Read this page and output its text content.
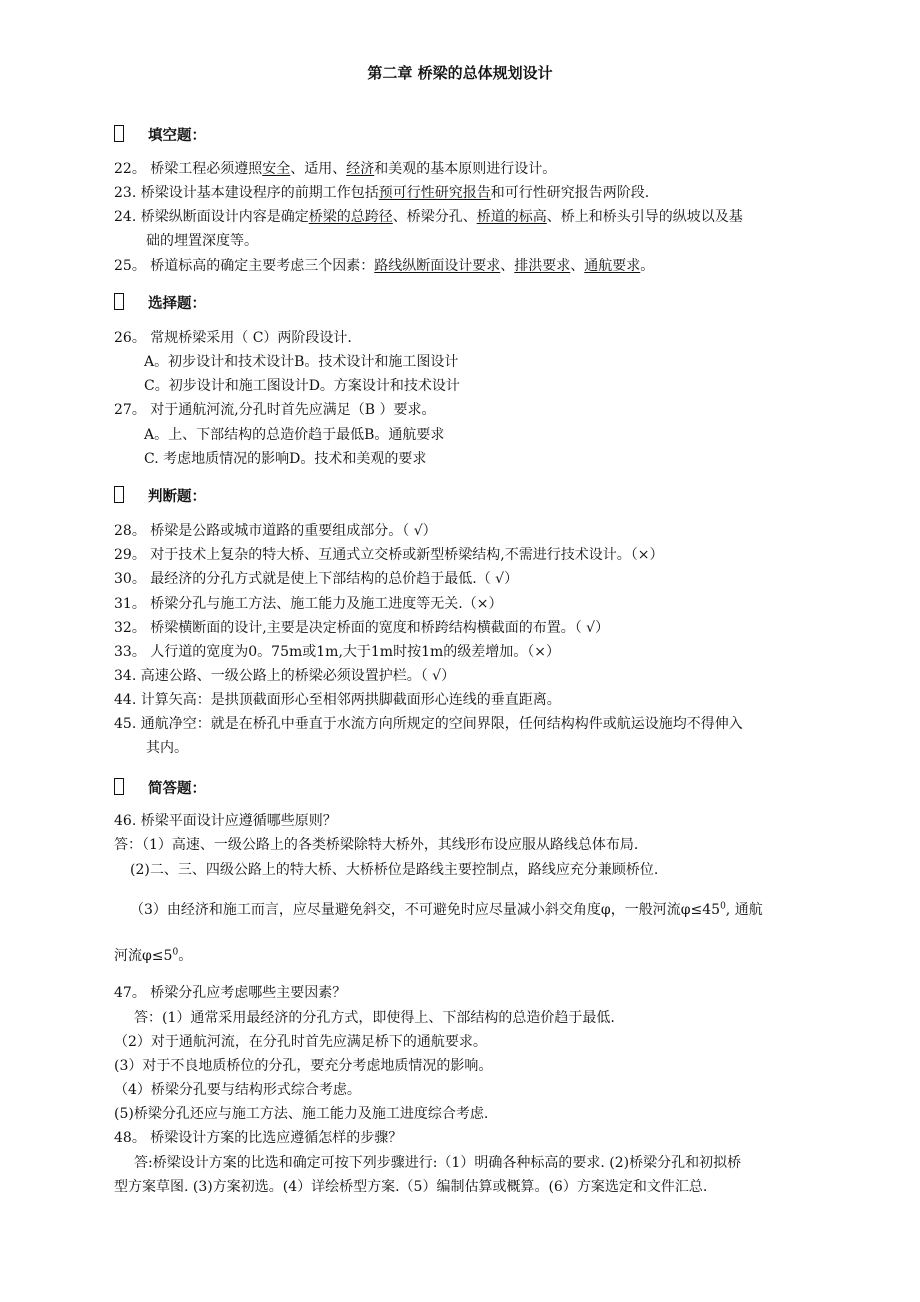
第二章 桥梁的总体规划设计
填空题：
22。 桥梁工程必须遵照安全、适用、经济和美观的基本原则进行设计。
23. 桥梁设计基本建设程序的前期工作包括预可行性研究报告和可行性研究报告两阶段.
24. 桥梁纵断面设计内容是确定桥梁的总跨径、桥梁分孔、桥道的标高、桥上和桥头引导的纵坡以及基
础的埋置深度等。
25。 桥道标高的确定主要考虑三个因素：路线纵断面设计要求、排洪要求、通航要求。
选择题：
26。 常规桥梁采用（ C）两阶段设计.
A。初步设计和技术设计B。技术设计和施工图设计
C。初步设计和施工图设计D。方案设计和技术设计
27。 对于通航河流,分孔时首先应满足（B ）要求。
A。上、下部结构的总造价趋于最低B。通航要求
C. 考虑地质情况的影响D。技术和美观的要求
判断题：
28。 桥梁是公路或城市道路的重要组成部分。（ √）
29。 对于技术上复杂的特大桥、互通式立交桥或新型桥梁结构,不需进行技术设计。（×）
30。 最经济的分孔方式就是使上下部结构的总价趋于最低.（ √）
31。 桥梁分孔与施工方法、施工能力及施工进度等无关.（×）
32。 桥梁横断面的设计,主要是决定桥面的宽度和桥跨结构横截面的布置。（ √）
33。 人行道的宽度为0。75m或1m,大于1m时按1m的级差增加。（×）
34. 高速公路、一级公路上的桥梁必须设置护栏。（ √）
44. 计算矢高：是拱顶截面形心至相邻两拱脚截面形心连线的垂直距离。
45. 通航净空：就是在桥孔中垂直于水流方向所规定的空间界限，任何结构构件或航运设施均不得伸入
其内。
简答题：
46. 桥梁平面设计应遵循哪些原则？
答：（1）高速、一级公路上的各类桥梁除特大桥外，其线形布设应服从路线总体布局.
(2)二、三、四级公路上的特大桥、大桥桥位是路线主要控制点，路线应充分兼顾桥位.
（3）由经济和施工而言，应尽量避免斜交，不可避免时应尽量减小斜交角度φ，一般河流$\varphi\le 45^0$, 通航
河流$\varphi\le 5^0$。
47。 桥梁分孔应考虑哪些主要因素？
答：(1）通常采用最经济的分孔方式，即使得上、下部结构的总造价趋于最低.
（2）对于通航河流，在分孔时首先应满足桥下的通航要求。
(3）对于不良地质桥位的分孔，要充分考虑地质情况的影响。
（4）桥梁分孔要与结构形式综合考虑。
(5)桥梁分孔还应与施工方法、施工能力及施工进度综合考虑.
48。 桥梁设计方案的比选应遵循怎样的步骤？
答:桥梁设计方案的比选和确定可按下列步骤进行:（1）明确各种标高的要求. (2)桥梁分孔和初拟桥
型方案草图. (3)方案初选。(4）详绘桥型方案.（5）编制估算或概算。(6）方案选定和文件汇总.
